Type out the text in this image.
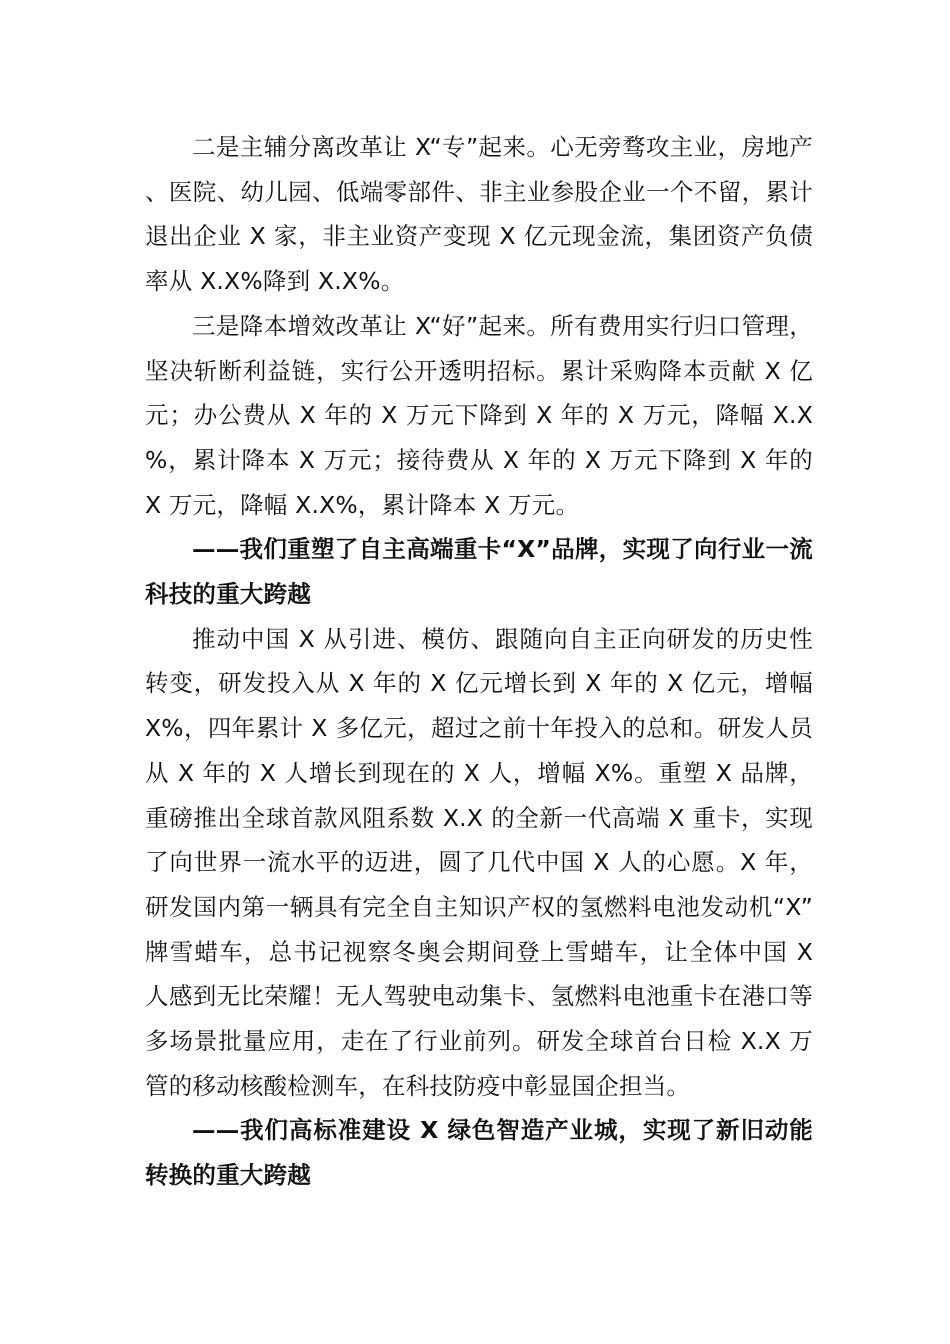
二是主辅分离改革让 X“专”起来。心无旁骛攻主业，房地产、医院、幼儿园、低端零部件、非主业参股企业一个不留，累计退出企业 X 家，非主业资产变现 X 亿元现金流，集团资产负债率从 X.X%降到 X.X%。

三是降本增效改革让 X“好”起来。所有费用实行归口管理，坚决斩断利益链，实行公开透明招标。累计采购降本贡献 X 亿元；办公费从 X 年的 X 万元下降到 X 年的 X 万元，降幅 X.X%，累计降本 X 万元；接待费从 X 年的 X 万元下降到 X 年的 X 万元，降幅 X.X%，累计降本 X 万元。

——我们重塑了自主高端重卡“X”品牌，实现了向行业一流科技的重大跨越

推动中国 X 从引进、模仿、跟随向自主正向研发的历史性转变，研发投入从 X 年的 X 亿元增长到 X 年的 X 亿元，增幅 X%，四年累计 X 多亿元，超过之前十年投入的总和。研发人员从 X 年的 X 人增长到现在的 X 人，增幅 X%。重塑 X 品牌，重磅推出全球首款风阻系数 X.X 的全新一代高端 X 重卡，实现了向世界一流水平的迈进，圆了几代中国 X 人的心愿。X 年，研发国内第一辆具有完全自主知识产权的氢燃料电池发动机“X”牌雪蜡车，总书记视察冬奥会期间登上雪蜡车，让全体中国 X 人感到无比荣耀！无人驾驶电动集卡、氢燃料电池重卡在港口等多场景批量应用，走在了行业前列。研发全球首台日检 X.X 万管的移动核酸检测车，在科技防疫中彰显国企担当。

——我们高标准建设 X 绿色智造产业城，实现了新旧动能转换的重大跨越
